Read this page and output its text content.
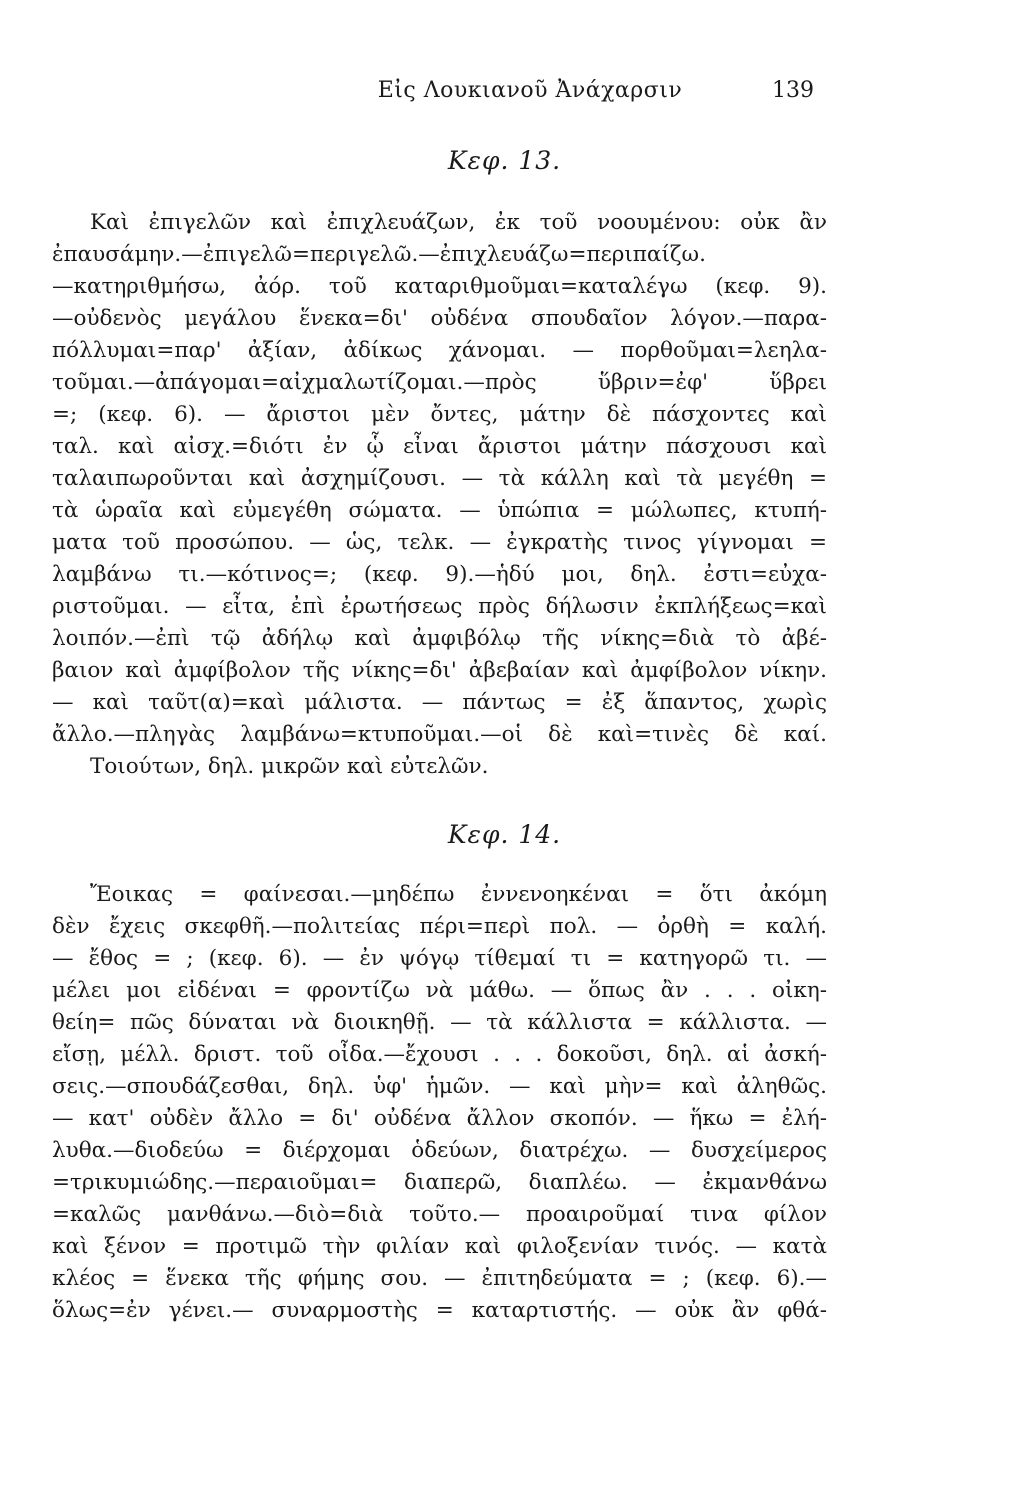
Εἰς Λουκιανοῦ Ἀνάχαρσιν	139
Κεφ. 13.
Καὶ ἐπιγελῶν καὶ ἐπιχλευάζων, ἐκ τοῦ νοουμένου: οὐκ ἂν
ἐπαυσάμην.—ἐπιγελῶ=περιγελῶ.—ἐπιχλευάζω=περιπαίζω.
—κατηριθμήσω, ἀόρ. τοῦ καταριθμοῦμαι=καταλέγω (κεφ. 9).
—οὐδενὸς μεγάλου ἕνεκα=δι' οὐδένα σπουδαῖον λόγον.—παρα-
πόλλυμαι=παρ' ἀξίαν, ἀδίκως χάνομαι. — πορθοῦμαι=λεηλα-
τοῦμαι.—ἀπάγομαι=αἰχμαλωτίζομαι.—πρὸς ὕβριν=ἐφ' ὕβρει
=; (κεφ. 6). — ἄριστοι μὲν ὄντες, μάτην δὲ πάσχοντες καὶ
ταλ. καὶ αἰσχ.=διότι ἐν ᾧ εἶναι ἄριστοι μάτην πάσχουσι καὶ
ταλαιπωροῦνται καὶ ἀσχημίζουσι. — τὰ κάλλη καὶ τὰ μεγέθη =
τὰ ὡραῖα καὶ εὐμεγέθη σώματα. — ὑπώπια = μώλωπες, κτυπή-
ματα τοῦ προσώπου. — ὡς, τελκ. — ἐγκρατὴς τινος γίγνομαι =
λαμβάνω τι.—κότινος=; (κεφ. 9).—ἡδύ μοι, δηλ. ἐστι=εὐχα-
ριστοῦμαι. — εἶτα, ἐπὶ ἐρωτήσεως πρὸς δήλωσιν ἐκπλήξεως=καὶ
λοιπόν.—ἐπὶ τῷ ἀδήλῳ καὶ ἀμφιβόλῳ τῆς νίκης=διὰ τὸ ἀβέ-
βαιον καὶ ἀμφίβολον τῆς νίκης=δι' ἀβεβαίαν καὶ ἀμφίβολον νίκην.
— καὶ ταῦτ(α)=καὶ μάλιστα. — πάντως = ἐξ ἅπαντος, χωρὶς
ἄλλο.—πληγὰς λαμβάνω=κτυποῦμαι.—οἱ δὲ καὶ=τινὲς δὲ καί.
Τοιούτων, δηλ. μικρῶν καὶ εὐτελῶν.
Κεφ. 14.
Ἔοικας = φαίνεσαι.—μηδέπω ἐννενοηκέναι = ὅτι ἀκόμη
δὲν ἔχεις σκεφθῆ.—πολιτείας πέρι=περὶ πολ. — ὀρθὴ = καλή.
— ἔθος = ; (κεφ. 6). — ἐν ψόγῳ τίθεμαί τι = κατηγορῶ τι. —
μέλει μοι εἰδέναι = φροντίζω νὰ μάθω. — ὅπως ἂν . . . οἰκη-
θείη= πῶς δύναται νὰ διοικηθῇ. — τὰ κάλλιστα = κάλλιστα. —
εἴσῃ, μέλλ. δριστ. τοῦ οἶδα.—ἔχουσι . . . δοκοῦσι, δηλ. αἱ ἀσκή-
σεις.—σπουδάζεσθαι, δηλ. ὑφ' ἡμῶν. — καὶ μὴν= καὶ ἀληθῶς.
— κατ' οὐδὲν ἄλλο = δι' οὐδένα ἄλλον σκοπόν. — ἥκω = ἐλή-
λυθα.—διοδεύω = διέρχομαι ὁδεύων, διατρέχω. — δυσχείμερος
=τρικυμιώδης.—περαιοῦμαι= διαπερῶ, διαπλέω. — ἐκμανθάνω
=καλῶς μανθάνω.—διὸ=διὰ τοῦτο.— προαιροῦμαί τινα φίλον
καὶ ξένον = προτιμῶ τὴν φιλίαν καὶ φιλοξενίαν τινός. — κατὰ
κλέος = ἕνεκα τῆς φήμης σου. — ἐπιτηδεύματα = ; (κεφ. 6).—
ὅλως=ἐν γένει.— συναρμοστὴς = καταρτιστής. — οὐκ ἂν φθά-
